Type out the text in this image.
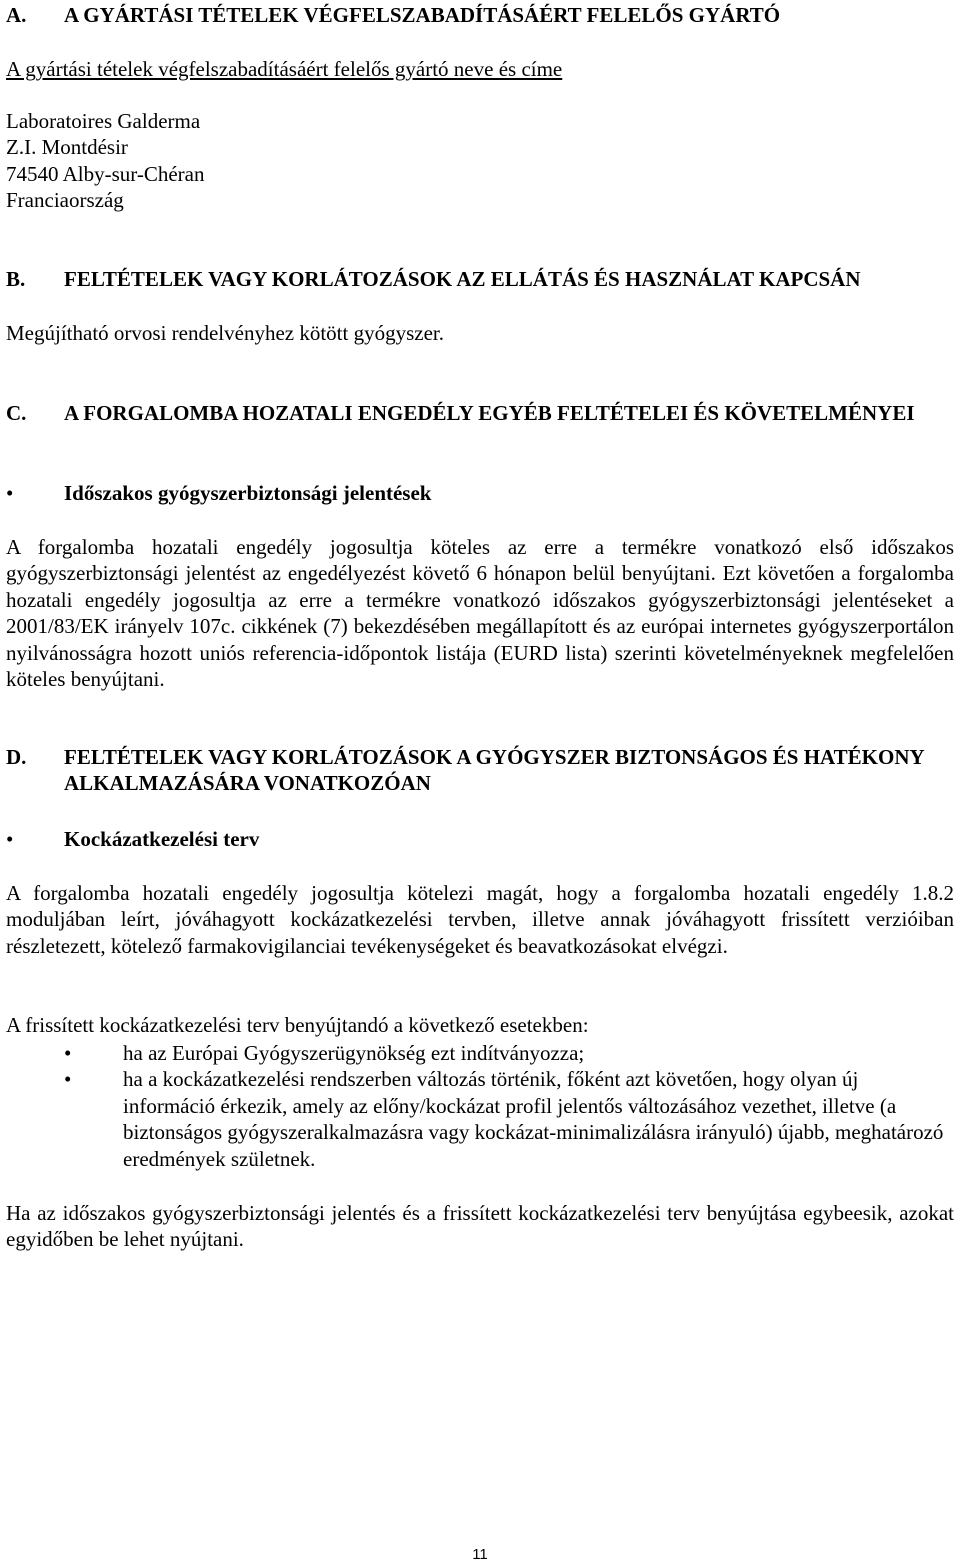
A.	A GYÁRTÁSI TÉTELEK VÉGFELSZABADÍTÁSÁÉRT FELELŐS GYÁRTÓ
A gyártási tételek végfelszabadításáért felelős gyártó neve és címe
Laboratoires Galderma
Z.I. Montdésir
74540 Alby-sur-Chéran
Franciaország
B.	FELTÉTELEK VAGY KORLÁTOZÁSOK AZ ELLÁTÁS ÉS HASZNÁLAT KAPCSÁN
Megújítható orvosi rendelvényhez kötött gyógyszer.
C.	A FORGALOMBA HOZATALI ENGEDÉLY EGYÉB FELTÉTELEI ÉS KÖVETELMÉNYEI
•	Időszakos gyógyszerbiztonsági jelentések
A forgalomba hozatali engedély jogosultja köteles az erre a termékre vonatkozó első időszakos gyógyszerbiztonsági jelentést az engedélyezést követő 6 hónapon belül benyújtani. Ezt követően a forgalomba hozatali engedély jogosultja az erre a termékre vonatkozó időszakos gyógyszerbiztonsági jelentéseket a 2001/83/EK irányelv 107c. cikkének (7) bekezdésében megállapított és az európai internetes gyógyszerportálon nyilvánosságra hozott uniós referencia-időpontok listája (EURD lista) szerinti követelményeknek megfelelően köteles benyújtani.
D.	FELTÉTELEK VAGY KORLÁTOZÁSOK A GYÓGYSZER BIZTONSÁGOS ÉS HATÉKONY ALKALMAZÁSÁRA VONATKOZÓAN
•	Kockázatkezelési terv
A forgalomba hozatali engedély jogosultja kötelezi magát, hogy a forgalomba hozatali engedély 1.8.2 moduljában leírt, jóváhagyott kockázatkezelési tervben, illetve annak jóváhagyott frissített verzióiban részletezett, kötelező farmakovigilanciai tevékenységeket és beavatkozásokat elvégzi.
A frissített kockázatkezelési terv benyújtandó a következő esetekben:
•	ha az Európai Gyógyszerügynökség ezt indítványozza;
•	ha a kockázatkezelési rendszerben változás történik, főként azt követően, hogy olyan új információ érkezik, amely az előny/kockázat profil jelentős változásához vezethet, illetve (a biztonságos gyógyszeralkalmazásra vagy kockázat-minimalizálásra irányuló) újabb, meghatározó eredmények születnek.
Ha az időszakos gyógyszerbiztonsági jelentés és a frissített kockázatkezelési terv benyújtása egybeesik, azokat egyidőben be lehet nyújtani.
11
